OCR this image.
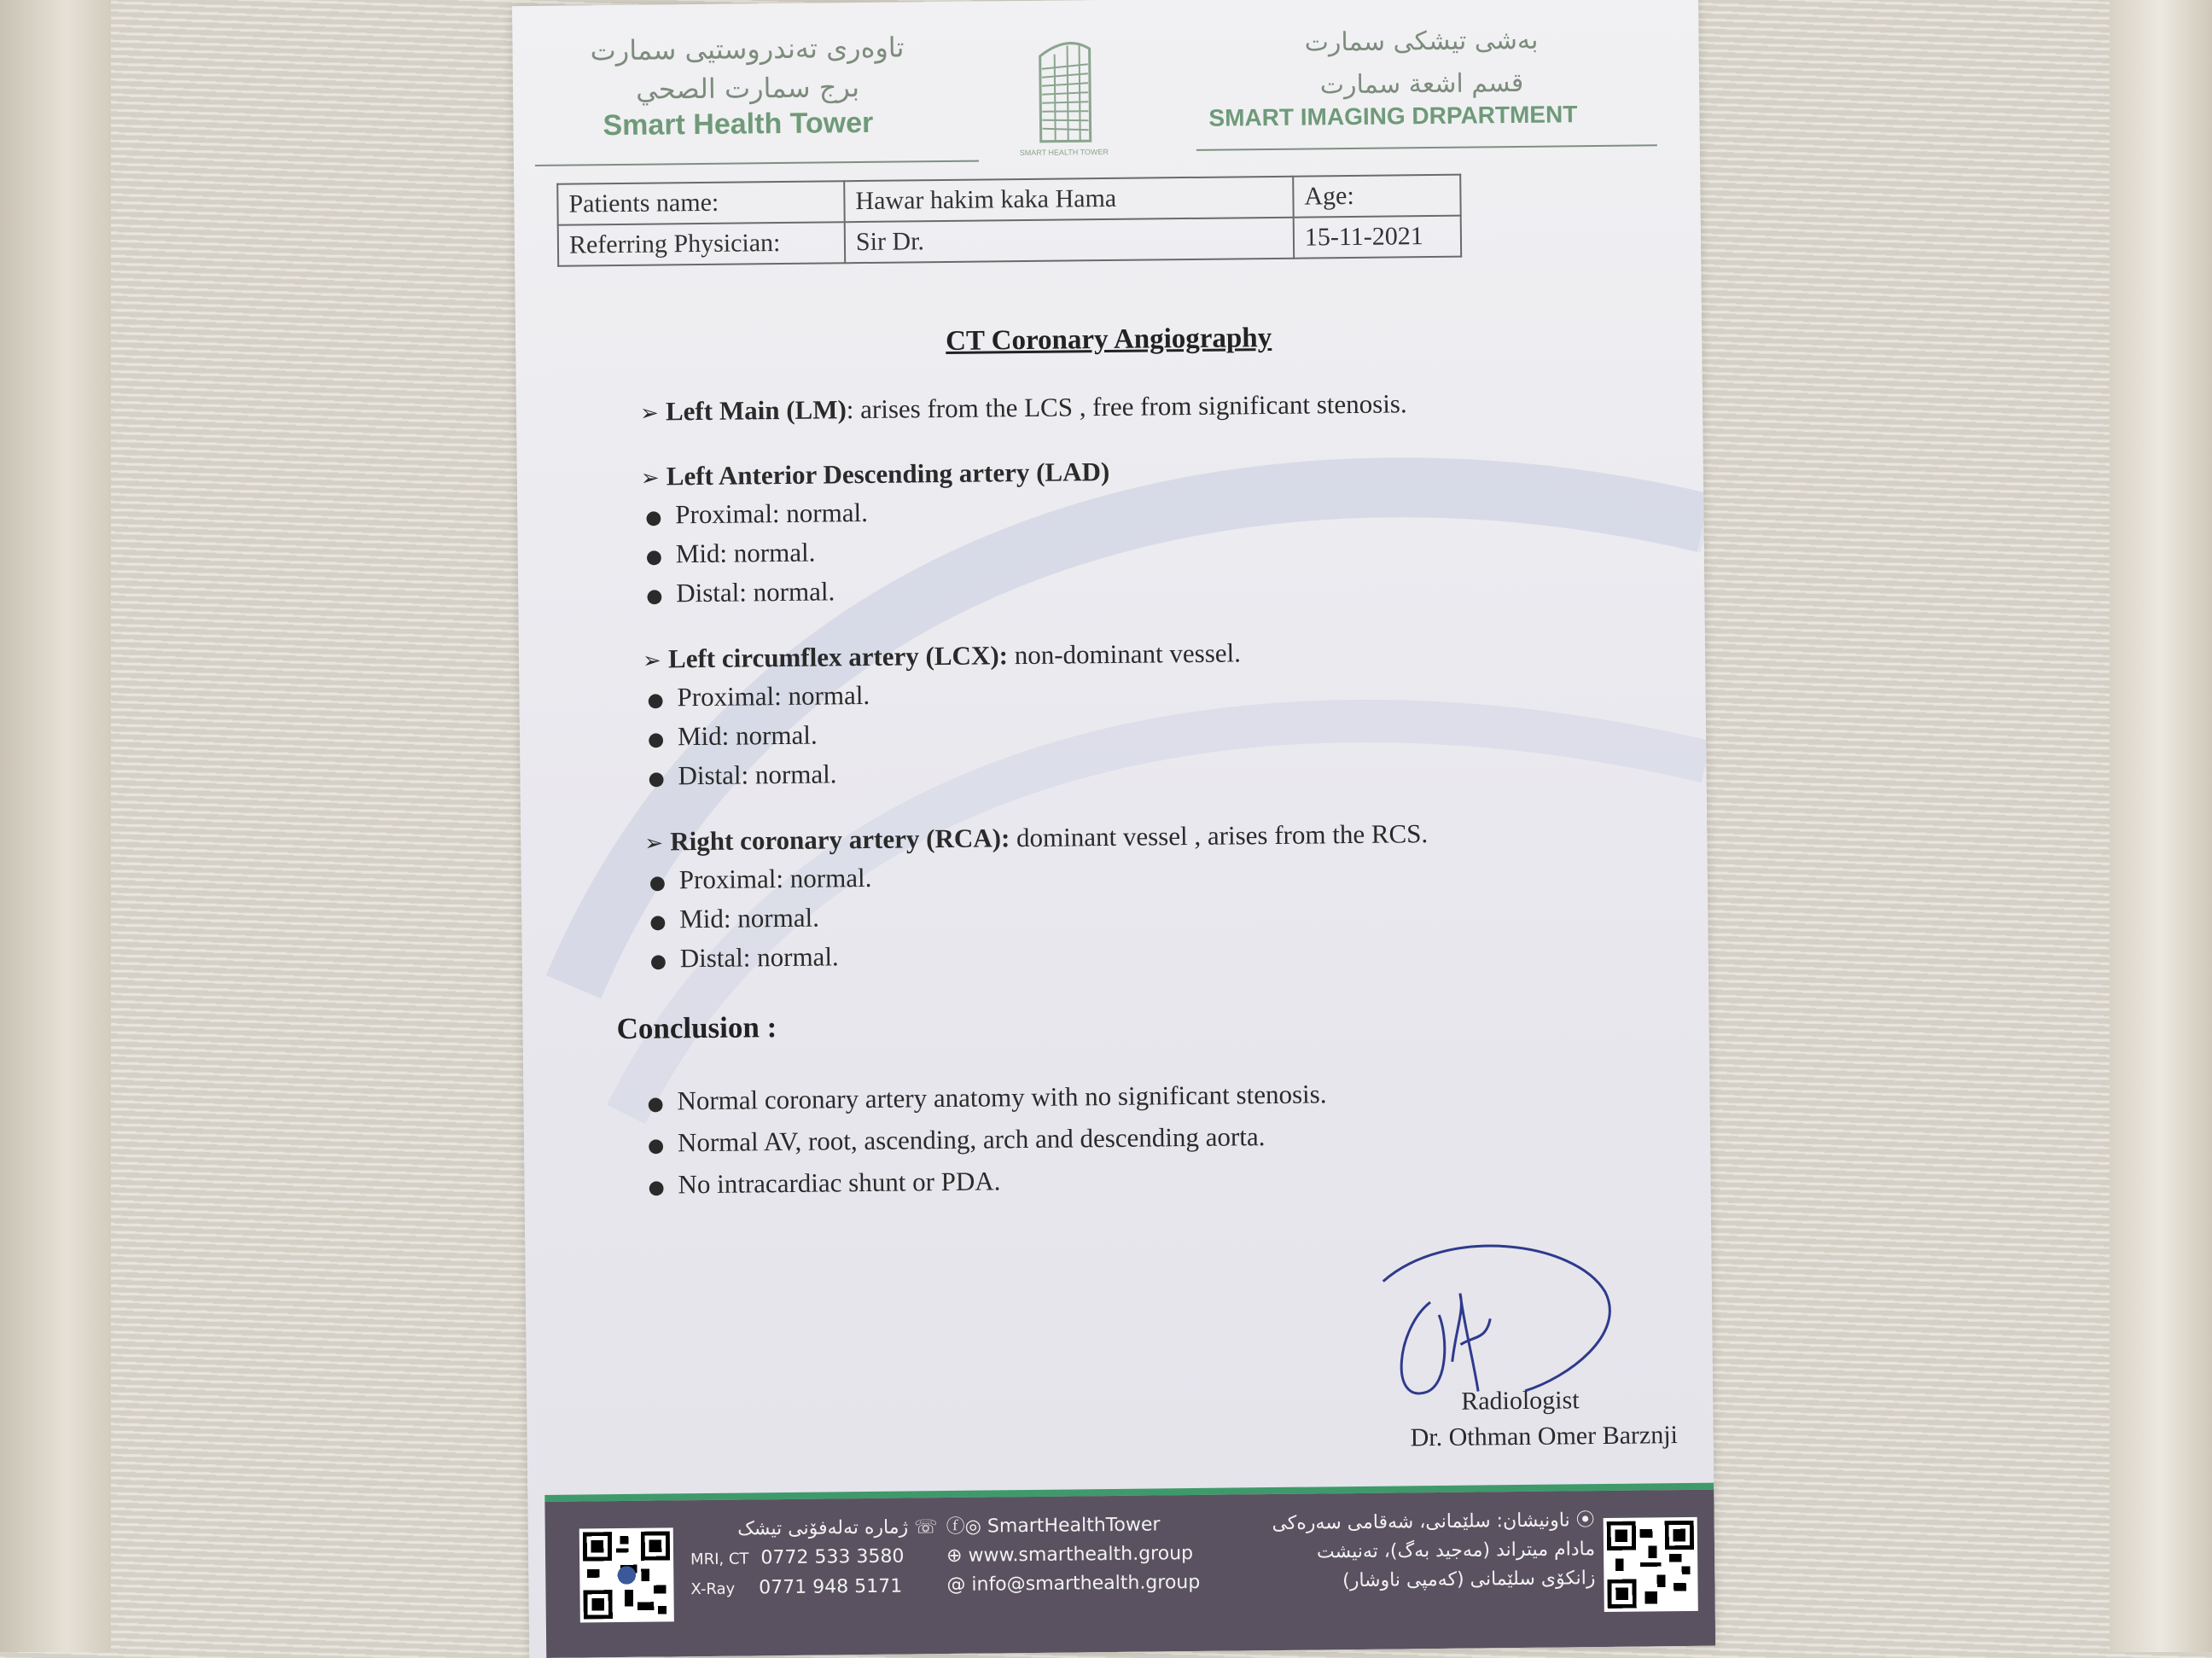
تاوەری تەندروستیی سمارت
برج سمارت الصحي
Smart Health Tower
SMART HEALTH TOWER
بەشی تیشکی سمارت
قسم اشعة سمارت
SMART IMAGING DRPARTMENT
Patients name:	Hawar hakim kaka Hama	Age:
Referring Physician:	Sir Dr.	15-11-2021
CT Coronary Angiography
➢ Left Main (LM): arises from the LCS , free from significant stenosis.
➢ Left Anterior Descending artery (LAD)
● Proximal: normal.
● Mid: normal.
● Distal: normal.
➢ Left circumflex artery (LCX): non-dominant vessel.
● Proximal: normal.
● Mid: normal.
● Distal: normal.
➢ Right coronary artery (RCA): dominant vessel , arises from the RCS.
● Proximal: normal.
● Mid: normal.
● Distal: normal.
Conclusion :
● Normal coronary artery anatomy with no significant stenosis.
● Normal AV, root, ascending, arch and descending aorta.
● No intracardiac shunt or PDA.
Radiologist
Dr. Othman Omer Barznji
☏ ژمارە تەلەفۆنی تیشک
MRI, CT 0772 533 3580
X-Ray 0771 948 5171
ⓕ◎ SmartHealthTower
⊕ www.smarthealth.group
@ info@smarthealth.group
⦿ ناونیشان: سلێمانی، شەقامی سەرەکی
مادام میتراند (مەجید بەگ)، تەنیشت
زانکۆی سلێمانی (کەمپی ناوشار)
